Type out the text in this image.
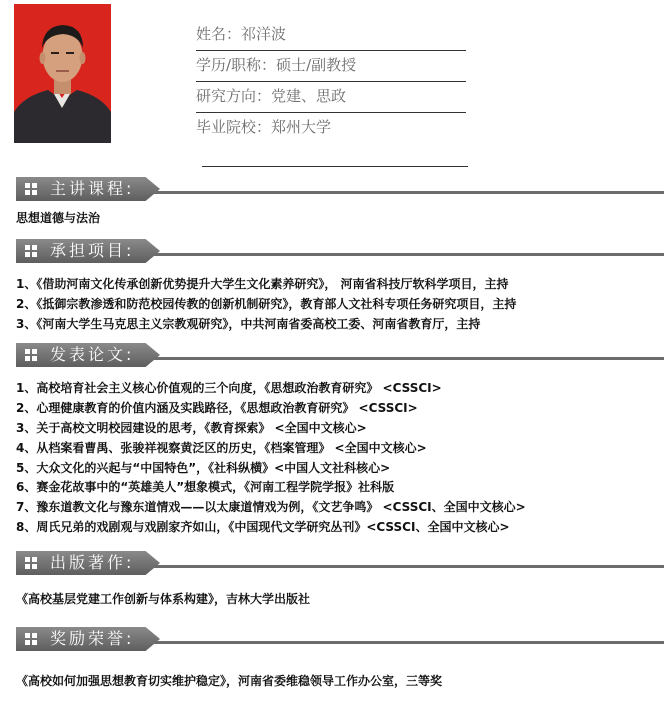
姓名：祁洋波
学历/职称：硕士/副教授
研究方向：党建、思政
毕业院校：郑州大学
主讲课程:
思想道德与法治
承担项目:
1、《借助河南文化传承创新优势提升大学生文化素养研究》， 河南省科技厅软科学项目，主持
2、《抵御宗教渗透和防范校园传教的创新机制研究》，教育部人文社科专项任务研究项目，主持
3、《河南大学生马克思主义宗教观研究》，中共河南省委高校工委、河南省教育厅，主持
发表论文:
1、高校培育社会主义核心价值观的三个向度，《思想政治教育研究》 <CSSCI>
2、心理健康教育的价值内涵及实践路径，《思想政治教育研究》 <CSSCI>
3、关于高校文明校园建设的思考，《教育探索》 <全国中文核心>
4、从档案看曹禺、张骏祥视察黄泛区的历史，《档案管理》 <全国中文核心>
5、大众文化的兴起与“中国特色”，《社科纵横》<中国人文社科核心>
6、赛金花故事中的“英雄美人”想象模式，《河南工程学院学报》社科版
7、豫东道教文化与豫东道情戏——以太康道情戏为例，《文艺争鸣》 <CSSCI、全国中文核心>
8、周氏兄弟的戏剧观与戏剧家齐如山，《中国现代文学研究丛刊》<CSSCI、全国中文核心>
出版著作:
《高校基层党建工作创新与体系构建》，吉林大学出版社
奖励荣誉:
《高校如何加强思想教育切实维护稳定》，河南省委维稳领导工作办公室，三等奖
